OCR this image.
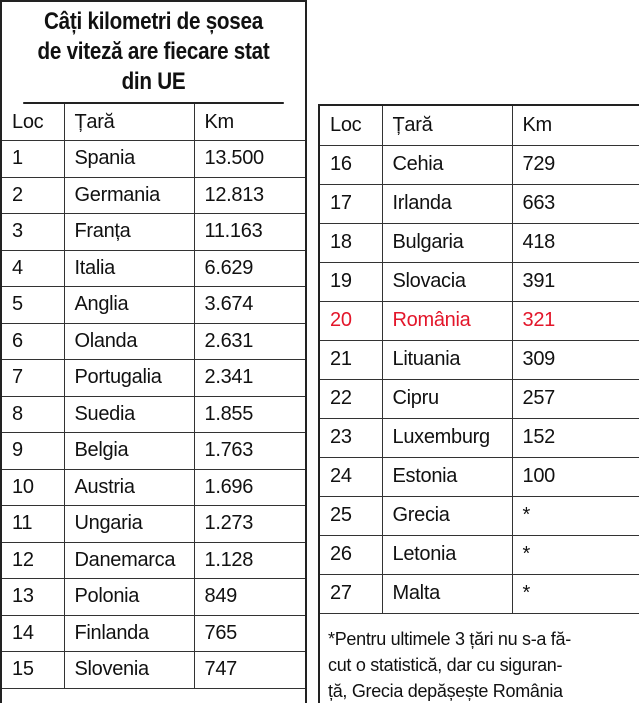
Câți kilometri de șosea
de viteză are fiecare stat
din UE
Loc	Țară	Km
1	Spania	13.500
2	Germania	12.813
3	Franța	11.163
4	Italia	6.629
5	Anglia	3.674
6	Olanda	2.631
7	Portugalia	2.341
8	Suedia	1.855
9	Belgia	1.763
10	Austria	1.696
11	Ungaria	1.273
12	Danemarca	1.128
13	Polonia	849
14	Finlanda	765
15	Slovenia	747
Loc	Țară	Km
16	Cehia	729
17	Irlanda	663
18	Bulgaria	418
19	Slovacia	391
20	România	321
21	Lituania	309
22	Cipru	257
23	Luxemburg	152
24	Estonia	100
25	Grecia	*
26	Letonia	*
27	Malta	*
*Pentru ultimele 3 țări nu s-a fă-
cut o statistică, dar cu siguran-
ță, Grecia depășește România
